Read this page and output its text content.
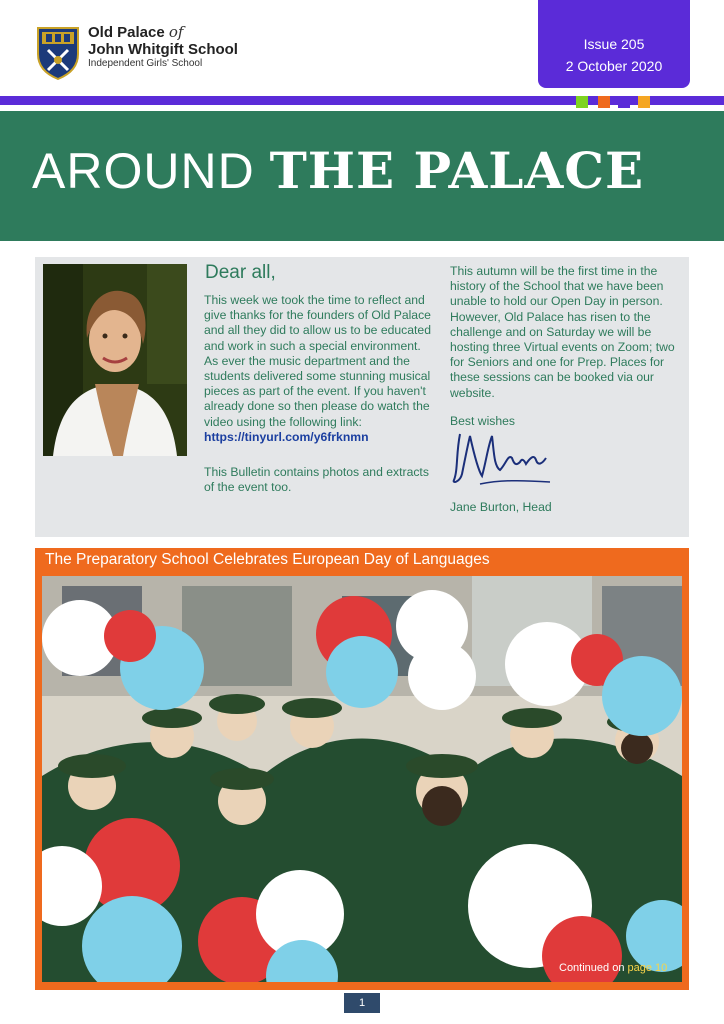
Old Palace of
John Whitgift School
Independent Girls' School
Issue 205
2 October 2020
AROUND THE PALACE
Dear all,

This week we took the time to reflect and give thanks for the founders of Old Palace and all they did to allow us to be educated and work in such a special environment. As ever the music department and the students delivered some stunning musical pieces as part of the event. If you haven't already done so then please do watch the video using the following link:

https://tinyurl.com/y6frknmn

This Bulletin contains photos and extracts of the event too.

This autumn will be the first time in the history of the School that we have been unable to hold our Open Day in person. However, Old Palace has risen to the challenge and on Saturday we will be hosting three Virtual events on Zoom; two for Seniors and one for Prep. Places for these sessions can be booked via our website.

Best wishes

Jane Burton, Head
The Preparatory School Celebrates European Day of Languages
Continued on page 10
1
